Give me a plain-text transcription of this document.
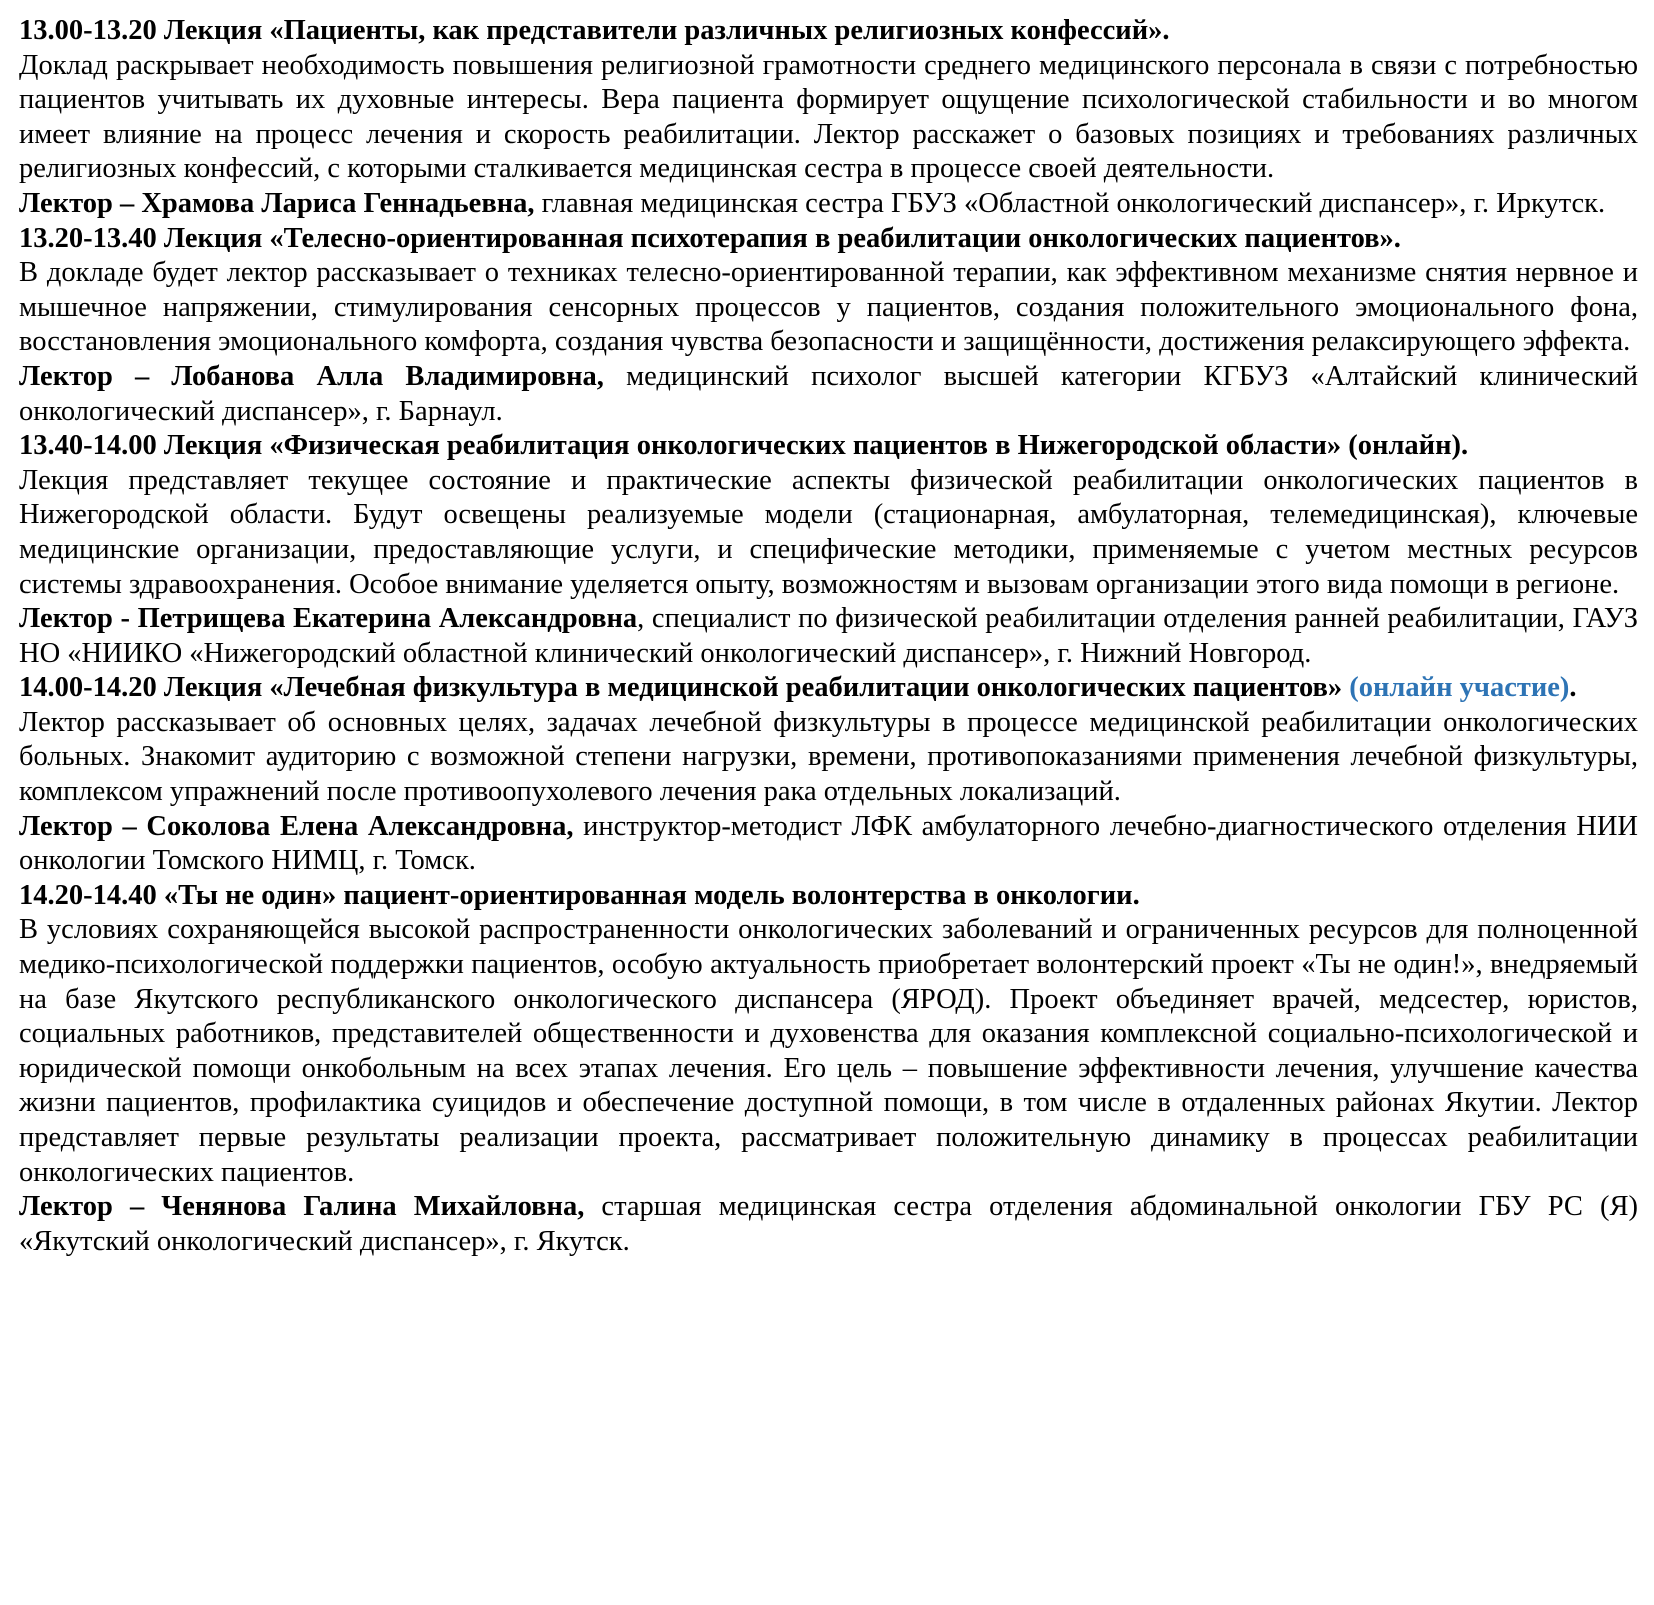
13.00-13.20 Лекция «Пациенты, как представители различных религиозных конфессий».

Доклад раскрывает необходимость повышения религиозной грамотности среднего медицинского персонала в связи с потребностью пациентов учитывать их духовные интересы. Вера пациента формирует ощущение психологической стабильности и во многом имеет влияние на процесс лечения и скорость реабилитации. Лектор расскажет о базовых позициях и требованиях различных религиозных конфессий, с которыми сталкивается медицинская сестра в процессе своей деятельности.

Лектор – Храмова Лариса Геннадьевна, главная медицинская сестра ГБУЗ «Областной онкологический диспансер», г. Иркутск.

13.20-13.40 Лекция «Телесно-ориентированная психотерапия в реабилитации онкологических пациентов».

В докладе будет лектор рассказывает о техниках телесно-ориентированной терапии, как эффективном механизме снятия нервное и мышечное напряжении, стимулирования сенсорных процессов у пациентов, создания положительного эмоционального фона, восстановления эмоционального комфорта, создания чувства безопасности и защищённости, достижения релаксирующего эффекта.

Лектор – Лобанова Алла Владимировна, медицинский психолог высшей категории КГБУЗ «Алтайский клинический онкологический диспансер», г. Барнаул.

13.40-14.00 Лекция «Физическая реабилитация онкологических пациентов в Нижегородской области» (онлайн).

Лекция представляет текущее состояние и практические аспекты физической реабилитации онкологических пациентов в Нижегородской области. Будут освещены реализуемые модели (стационарная, амбулаторная, телемедицинская), ключевые медицинские организации, предоставляющие услуги, и специфические методики, применяемые с учетом местных ресурсов системы здравоохранения. Особое внимание уделяется опыту, возможностям и вызовам организации этого вида помощи в регионе.

Лектор - Петрищева Екатерина Александровна, специалист по физической реабилитации отделения ранней реабилитации, ГАУЗ НО «НИИКО «Нижегородский областной клинический онкологический диспансер», г. Нижний Новгород.

14.00-14.20 Лекция «Лечебная физкультура в медицинской реабилитации онкологических пациентов» (онлайн участие).

Лектор рассказывает об основных целях, задачах лечебной физкультуры в процессе медицинской реабилитации онкологических больных. Знакомит аудиторию с возможной степени нагрузки, времени, противопоказаниями применения лечебной физкультуры, комплексом упражнений после противоопухолевого лечения рака отдельных локализаций.

Лектор – Соколова Елена Александровна, инструктор-методист ЛФК амбулаторного лечебно-диагностического отделения НИИ онкологии Томского НИМЦ, г. Томск.

14.20-14.40 «Ты не один» пациент-ориентированная модель волонтерства в онкологии.

В условиях сохраняющейся высокой распространенности онкологических заболеваний и ограниченных ресурсов для полноценной медико-психологической поддержки пациентов, особую актуальность приобретает волонтерский проект «Ты не один!», внедряемый на базе Якутского республиканского онкологического диспансера (ЯРОД). Проект объединяет врачей, медсестер, юристов, социальных работников, представителей общественности и духовенства для оказания комплексной социально-психологической и юридической помощи онкобольным на всех этапах лечения. Его цель – повышение эффективности лечения, улучшение качества жизни пациентов, профилактика суицидов и обеспечение доступной помощи, в том числе в отдаленных районах Якутии. Лектор представляет первые результаты реализации проекта, рассматривает положительную динамику в процессах реабилитации онкологических пациентов.

Лектор – Ченянова Галина Михайловна, старшая медицинская сестра отделения абдоминальной онкологии ГБУ РС (Я) «Якутский онкологический диспансер», г. Якутск.
